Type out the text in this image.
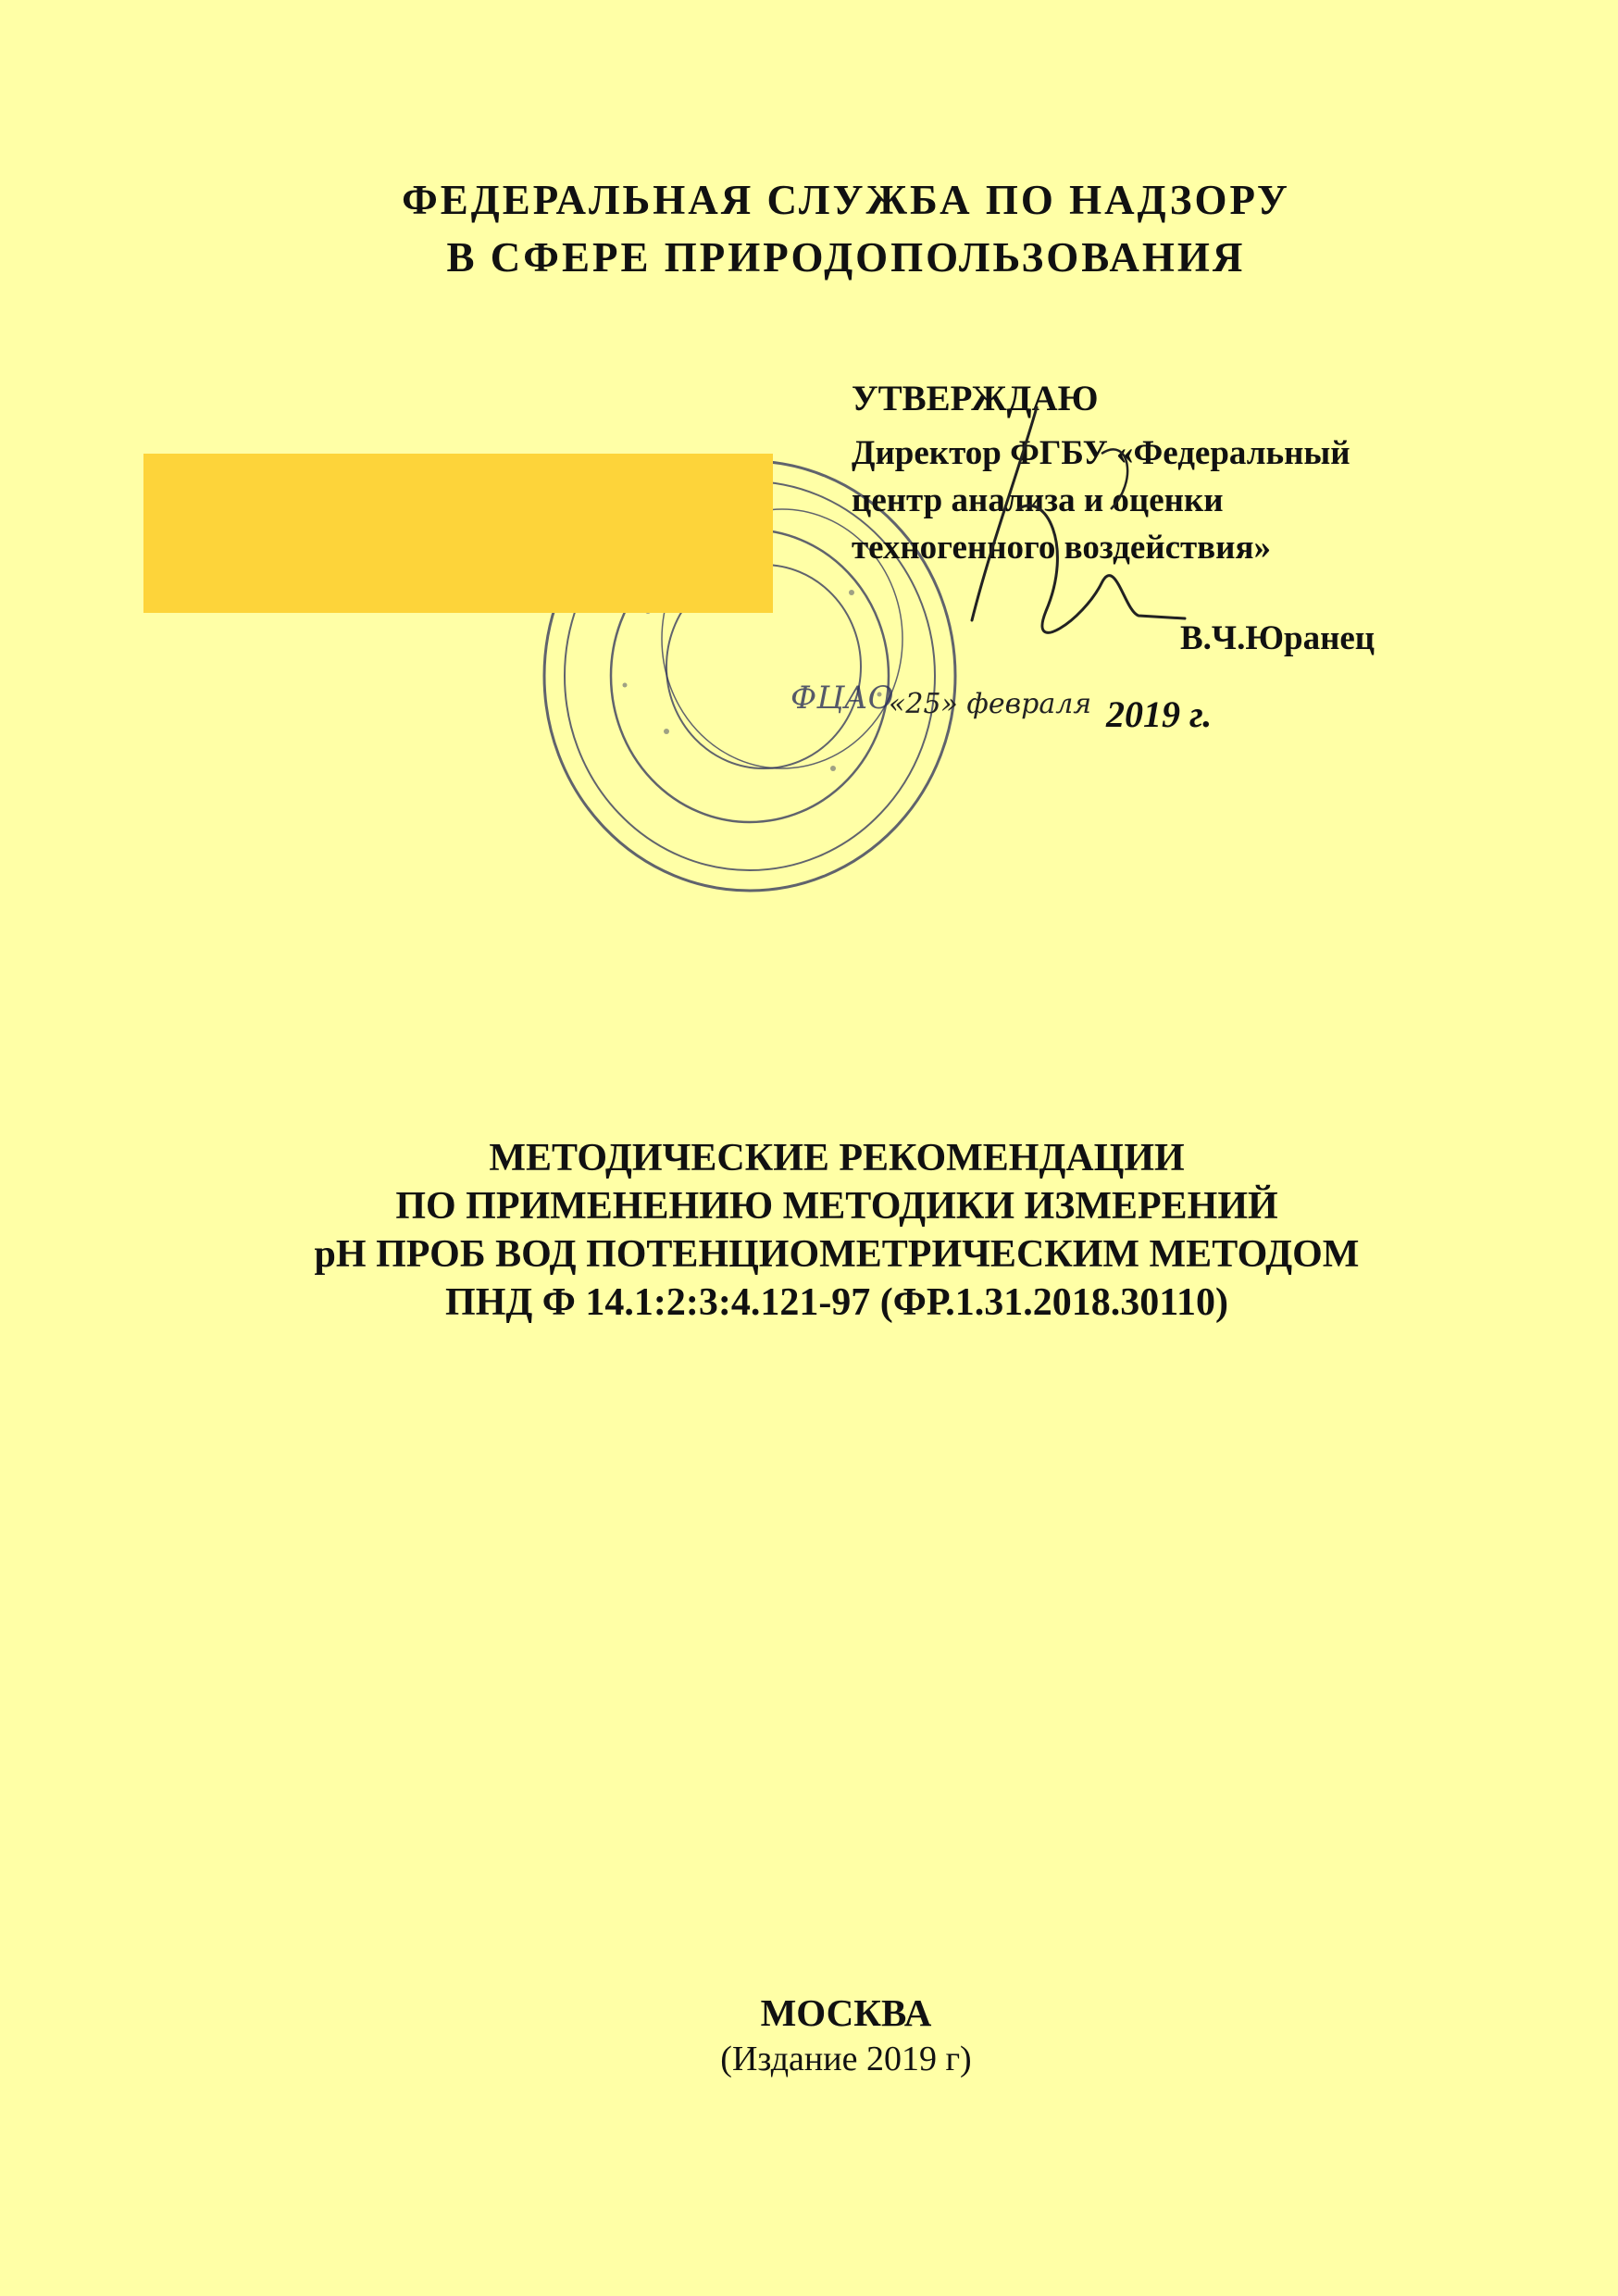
ФЕДЕРАЛЬНАЯ СЛУЖБА ПО НАДЗОРУ
В СФЕРЕ ПРИРОДОПОЛЬЗОВАНИЯ
УТВЕРЖДАЮ
Директор ФГБУ «Федеральный
центр анализа и оценки
техногенного воздействия»
В.Ч.Юранец
ФЦАО
«25» февраля 2019 г.
МЕТОДИЧЕСКИЕ РЕКОМЕНДАЦИИ
ПО ПРИМЕНЕНИЮ МЕТОДИКИ ИЗМЕРЕНИЙ
рН ПРОБ ВОД ПОТЕНЦИОМЕТРИЧЕСКИМ МЕТОДОМ
ПНД Ф 14.1:2:3:4.121-97 (ФР.1.31.2018.30110)
МОСКВА
(Издание 2019 г)
